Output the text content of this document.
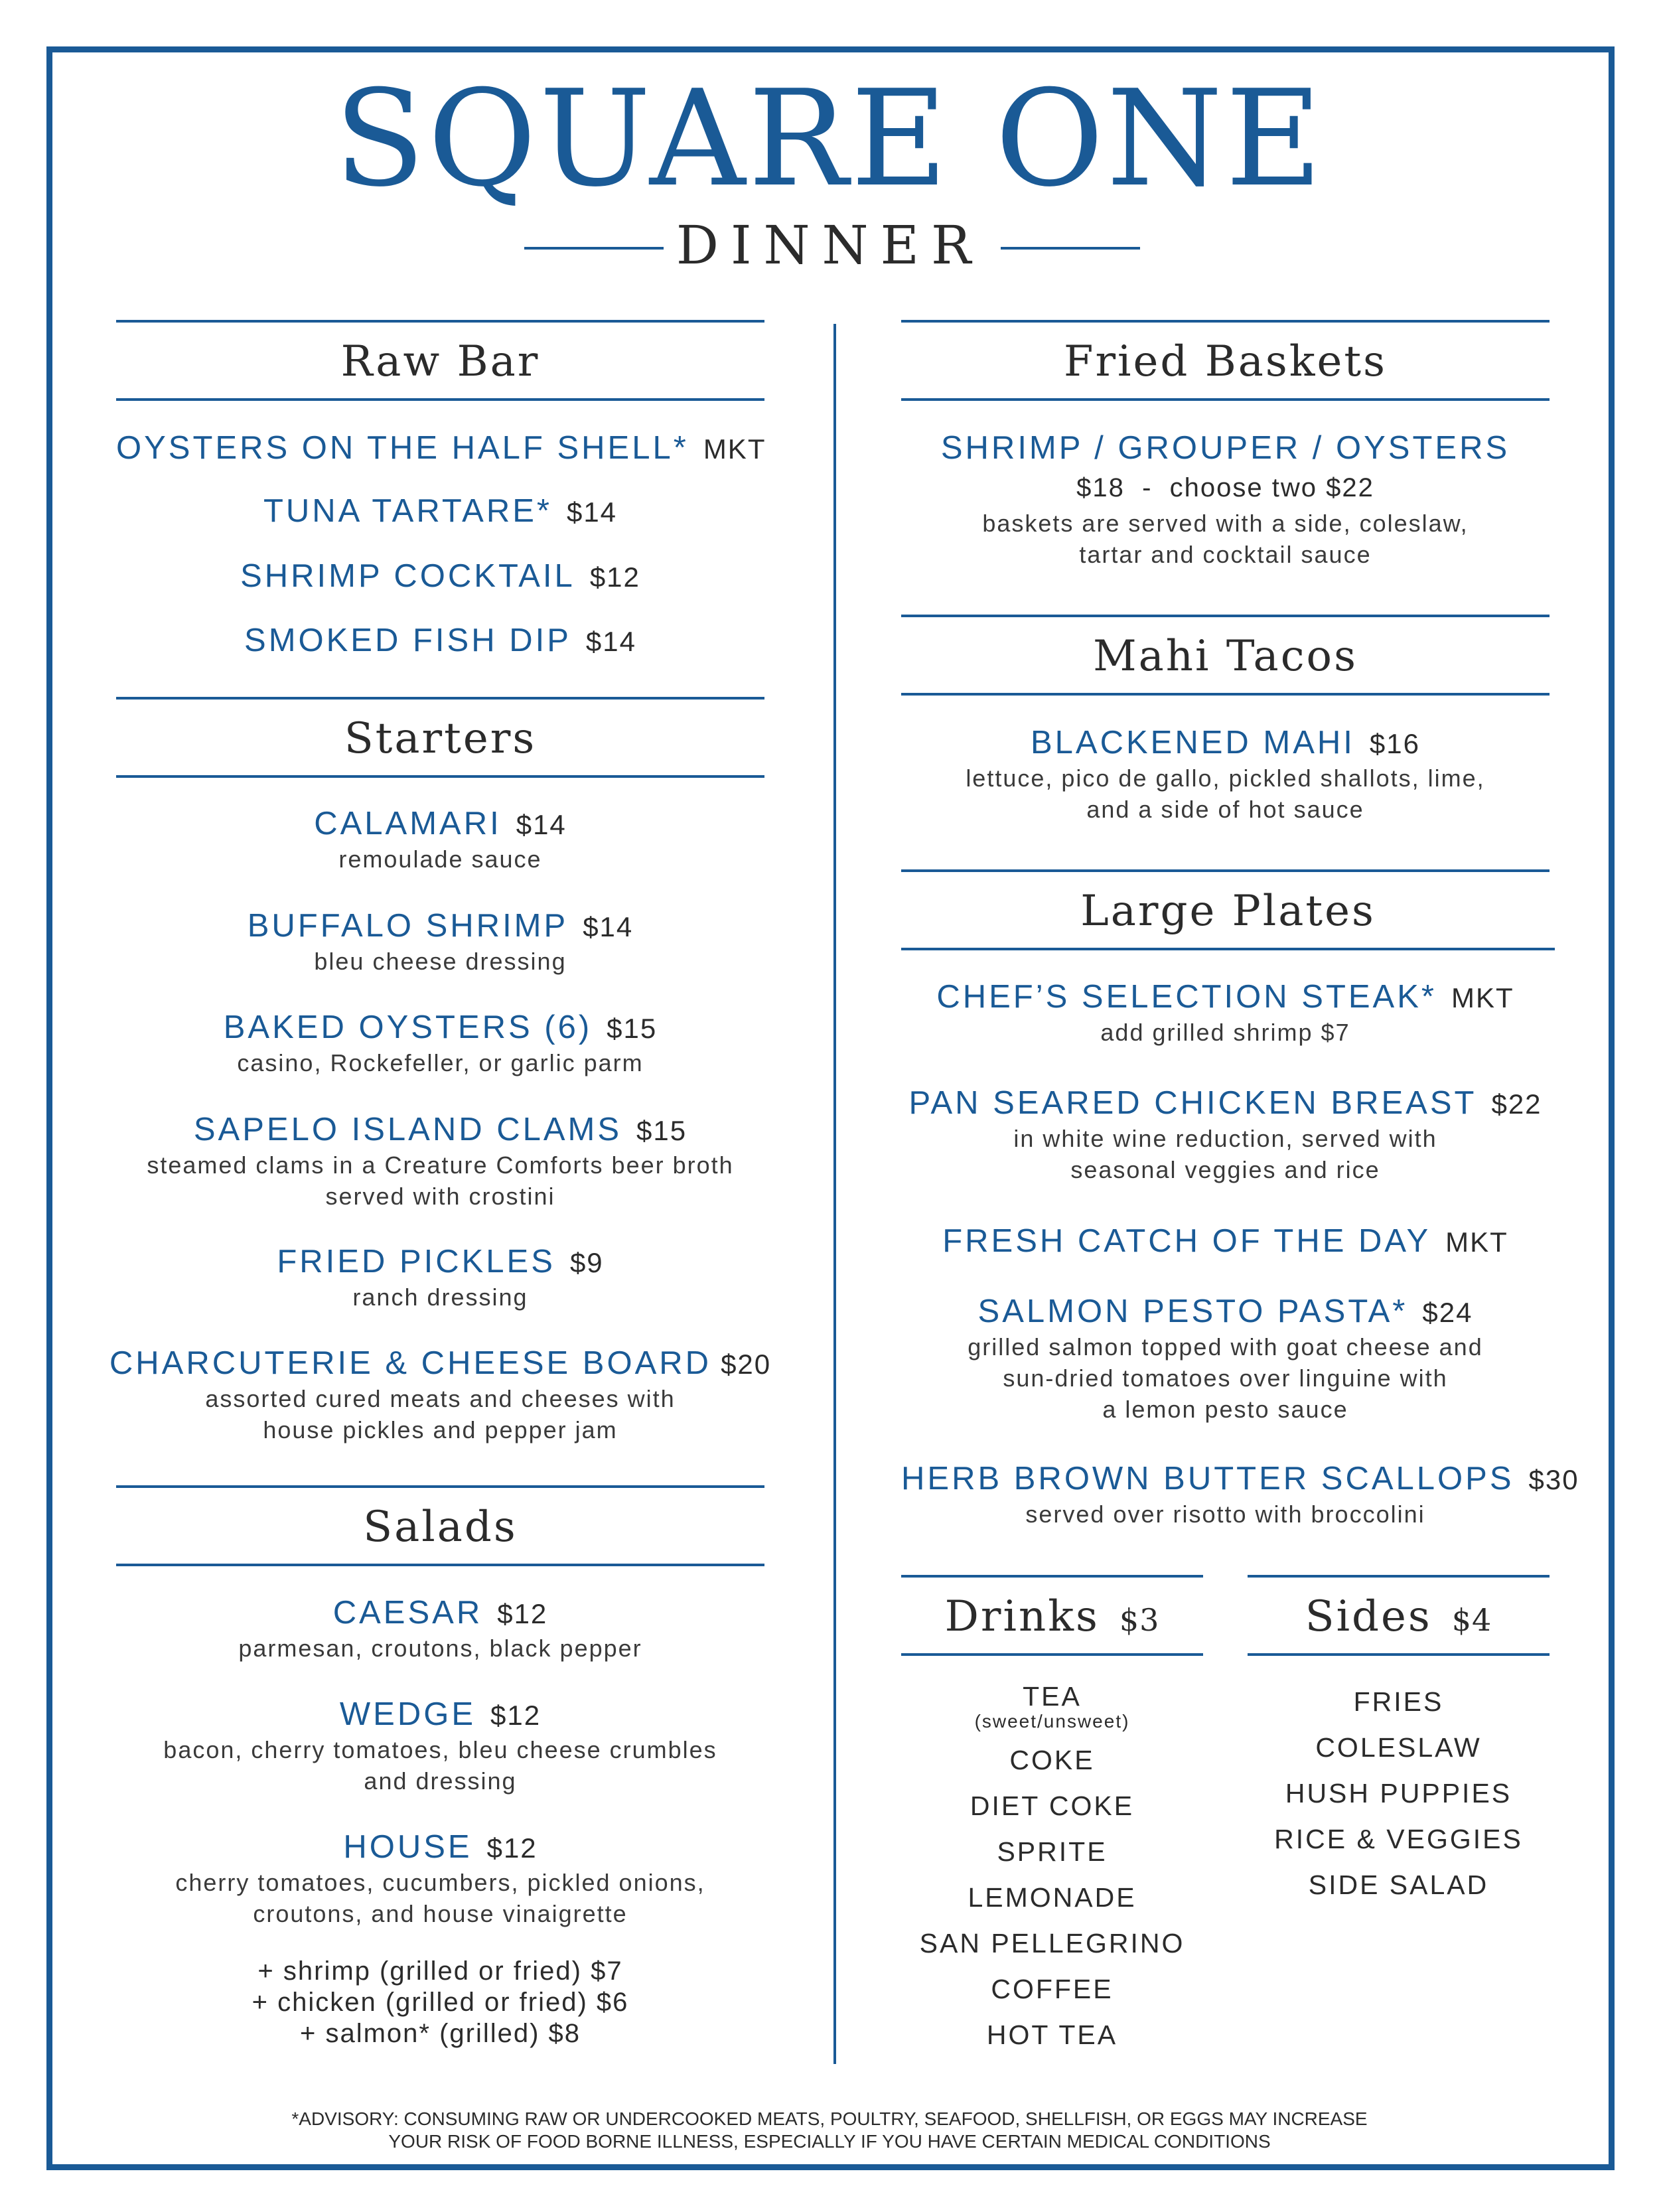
SQUARE ONE
DINNER
Raw Bar
OYSTERS ON THE HALF SHELL* MKT
TUNA TARTARE* $14
SHRIMP COCKTAIL $12
SMOKED FISH DIP $14
Starters
CALAMARI $14
remoulade sauce
BUFFALO SHRIMP $14
bleu cheese dressing
BAKED OYSTERS (6) $15
casino, Rockefeller, or garlic parm
SAPELO ISLAND CLAMS $15
steamed clams in a Creature Comforts beer broth
served with crostini
FRIED PICKLES $9
ranch dressing
CHARCUTERIE & CHEESE BOARD $20
assorted cured meats and cheeses with
house pickles and pepper jam
Salads
CAESAR $12
parmesan, croutons, black pepper
WEDGE $12
bacon, cherry tomatoes, bleu cheese crumbles
and dressing
HOUSE $12
cherry tomatoes, cucumbers, pickled onions,
croutons, and house vinaigrette
+ shrimp (grilled or fried) $7
+ chicken (grilled or fried) $6
+ salmon* (grilled) $8
Fried Baskets
SHRIMP / GROUPER / OYSTERS
$18  -  choose two $22
baskets are served with a side, coleslaw,
tartar and cocktail sauce
Mahi Tacos
BLACKENED MAHI $16
lettuce, pico de gallo, pickled shallots, lime,
and a side of hot sauce
Large Plates
CHEF’S SELECTION STEAK* MKT
add grilled shrimp $7
PAN SEARED CHICKEN BREAST $22
in white wine reduction, served with
seasonal veggies and rice
FRESH CATCH OF THE DAY MKT
SALMON PESTO PASTA* $24
grilled salmon topped with goat cheese and
sun-dried tomatoes over linguine with
a lemon pesto sauce
HERB BROWN BUTTER SCALLOPS $30
served over risotto with broccolini
Drinks $3
TEA
(sweet/unsweet)
COKE
DIET COKE
SPRITE
LEMONADE
SAN PELLEGRINO
COFFEE
HOT TEA
Sides $4
FRIES
COLESLAW
HUSH PUPPIES
RICE & VEGGIES
SIDE SALAD
*ADVISORY: CONSUMING RAW OR UNDERCOOKED MEATS, POULTRY, SEAFOOD, SHELLFISH, OR EGGS MAY INCREASE
YOUR RISK OF FOOD BORNE ILLNESS, ESPECIALLY IF YOU HAVE CERTAIN MEDICAL CONDITIONS
